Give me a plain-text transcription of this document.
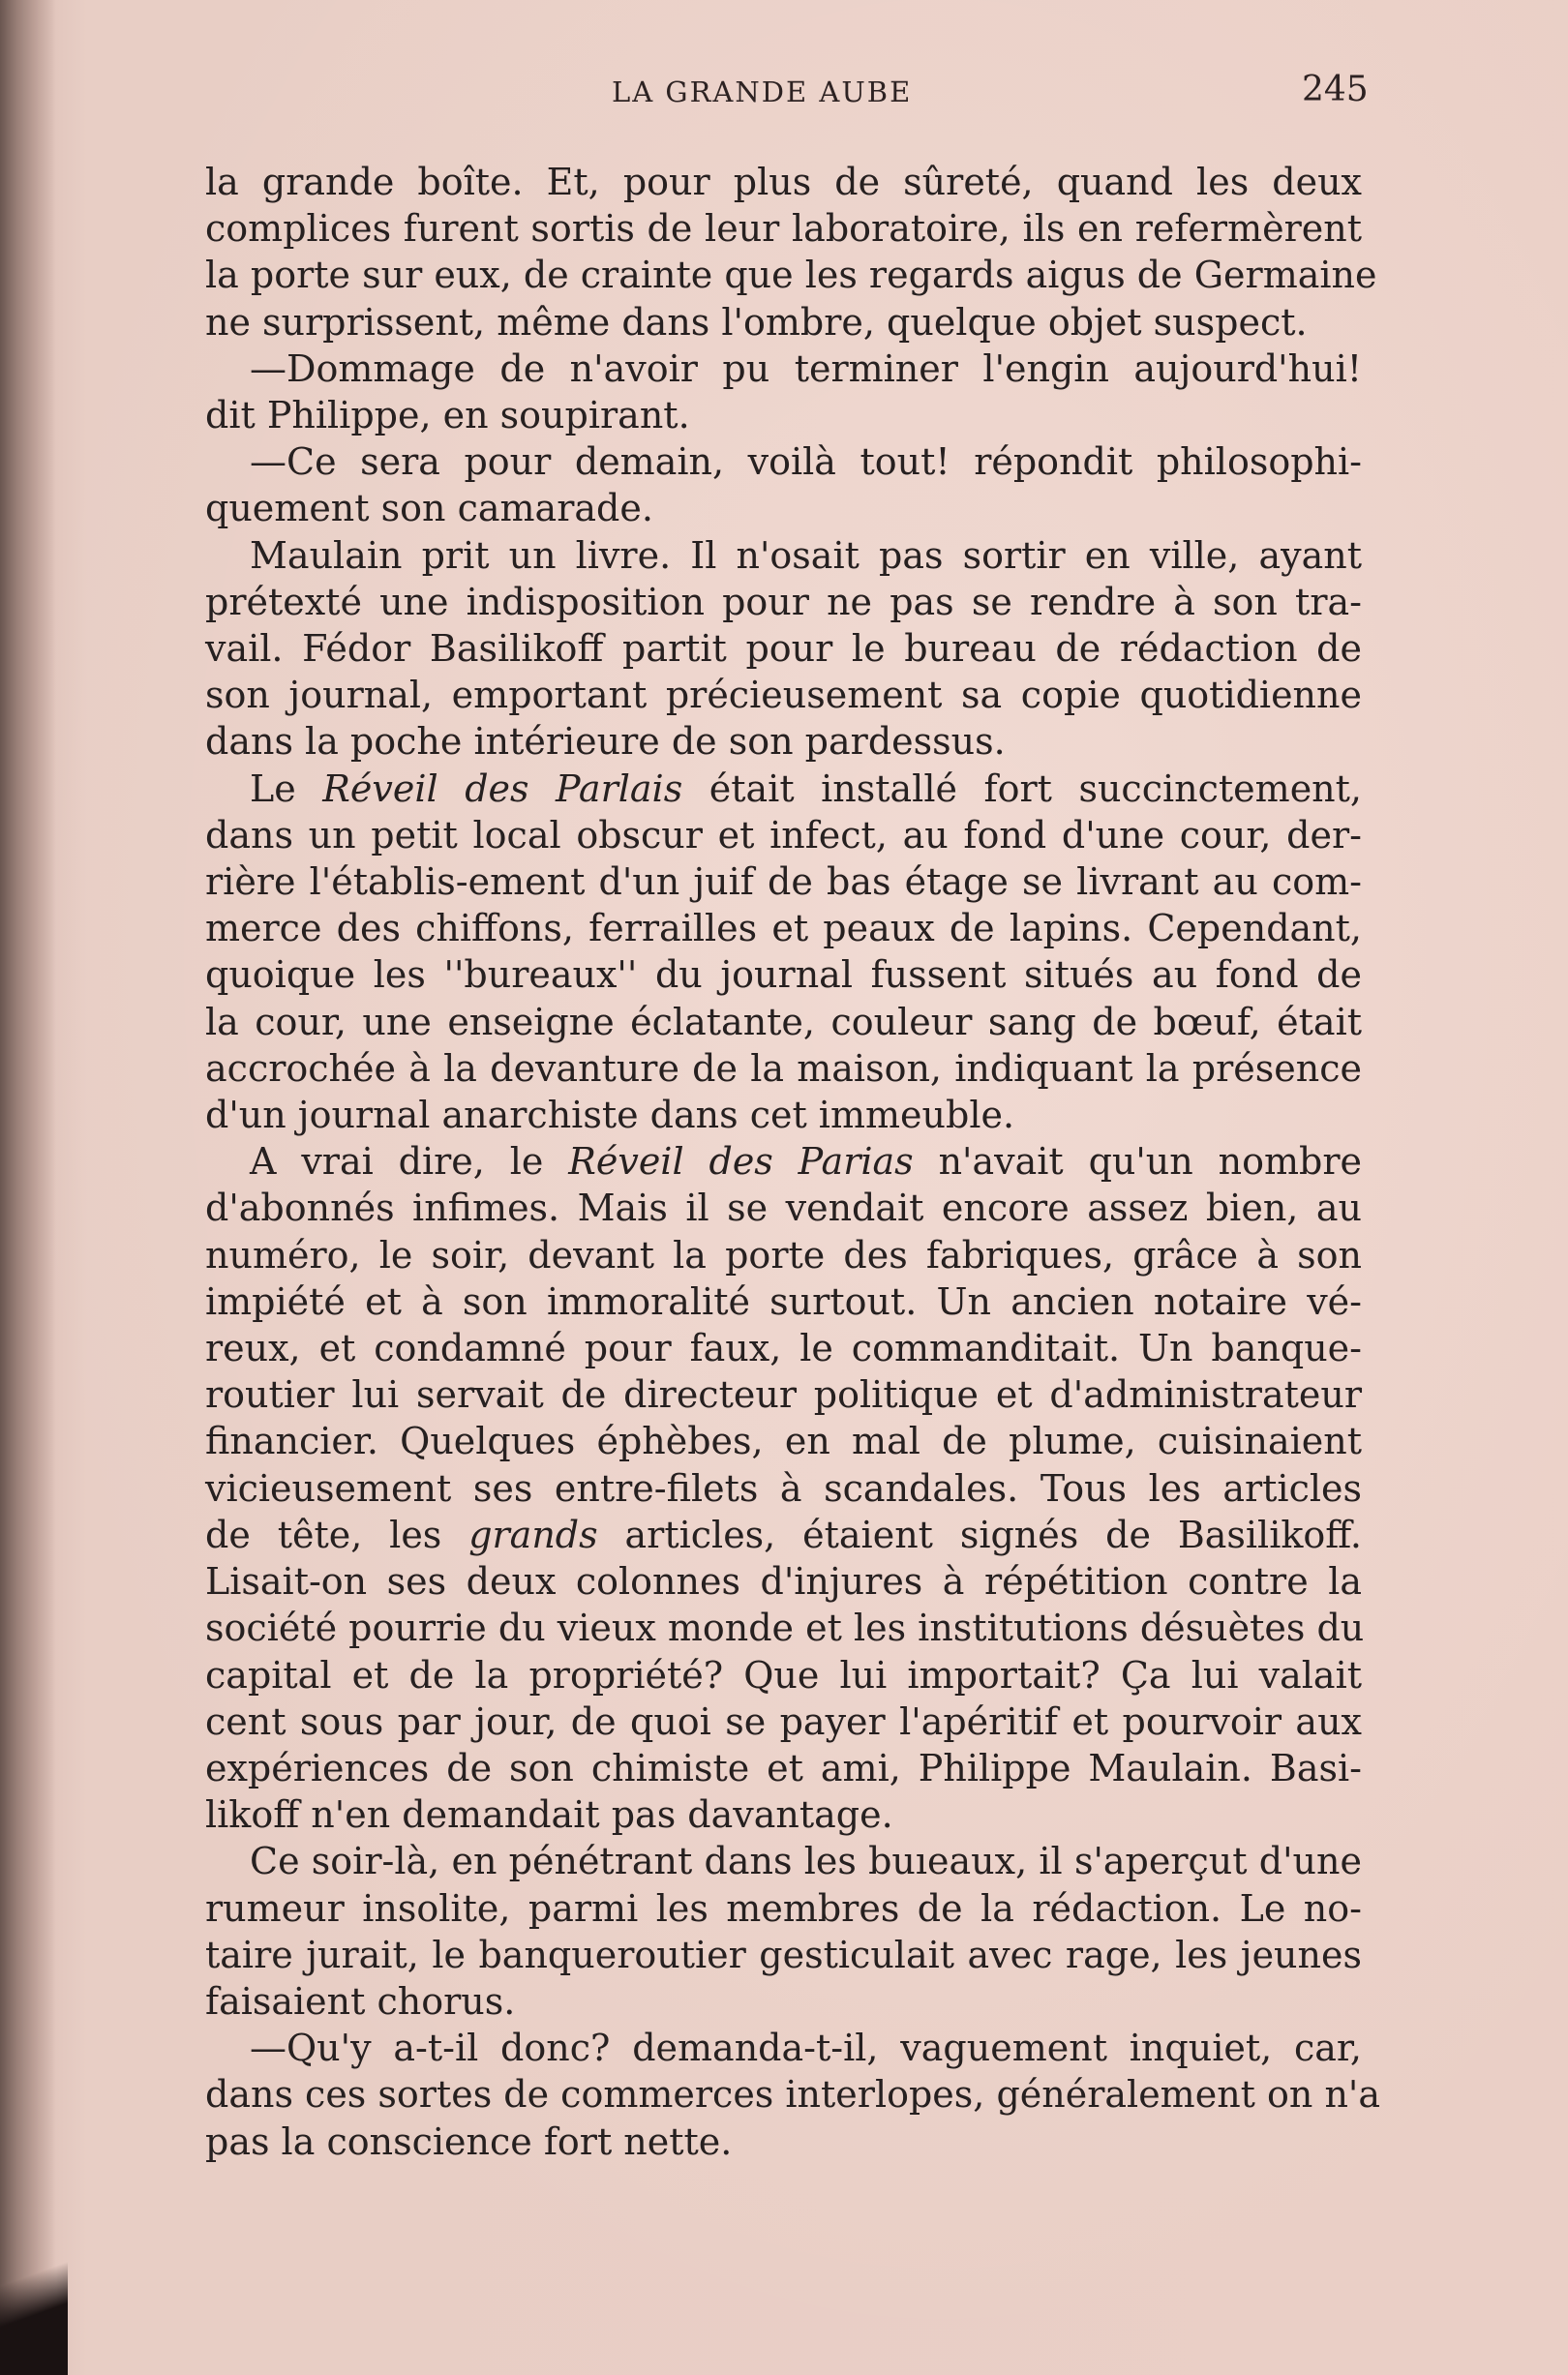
LA GRANDE AUBE	245

la grande boîte. Et, pour plus de sûreté, quand les deux
complices furent sortis de leur laboratoire, ils en refermèrent
la porte sur eux, de crainte que les regards aigus de Germaine
ne surprissent, même dans l'ombre, quelque objet suspect.

—Dommage de n'avoir pu terminer l'engin aujourd'hui!
dit Philippe, en soupirant.

—Ce sera pour demain, voilà tout! répondit philosophi-
quement son camarade.

Maulain prit un livre. Il n'osait pas sortir en ville, ayant
prétexté une indisposition pour ne pas se rendre à son tra-
vail. Fédor Basilikoff partit pour le bureau de rédaction de
son journal, emportant précieusement sa copie quotidienne
dans la poche intérieure de son pardessus.

Le Réveil des Parlais était installé fort succinctement,
dans un petit local obscur et infect, au fond d'une cour, der-
rière l'établis-ement d'un juif de bas étage se livrant au com-
merce des chiffons, ferrailles et peaux de lapins. Cependant,
quoique les ''bureaux'' du journal fussent situés au fond de
la cour, une enseigne éclatante, couleur sang de bœuf, était
accrochée à la devanture de la maison, indiquant la présence
d'un journal anarchiste dans cet immeuble.

A vrai dire, le Réveil des Parias n'avait qu'un nombre
d'abonnés infimes. Mais il se vendait encore assez bien, au
numéro, le soir, devant la porte des fabriques, grâce à son
impiété et à son immoralité surtout. Un ancien notaire vé-
reux, et condamné pour faux, le commanditait. Un banque-
routier lui servait de directeur politique et d'administrateur
financier. Quelques éphèbes, en mal de plume, cuisinaient
vicieusement ses entre-filets à scandales. Tous les articles
de tête, les grands articles, étaient signés de Basilikoff.
Lisait-on ses deux colonnes d'injures à répétition contre la
société pourrie du vieux monde et les institutions désuètes du
capital et de la propriété? Que lui importait? Ça lui valait
cent sous par jour, de quoi se payer l'apéritif et pourvoir aux
expériences de son chimiste et ami, Philippe Maulain. Basi-
likoff n'en demandait pas davantage.

Ce soir-là, en pénétrant dans les buıeaux, il s'aperçut d'une
rumeur insolite, parmi les membres de la rédaction. Le no-
taire jurait, le banqueroutier gesticulait avec rage, les jeunes
faisaient chorus.

—Qu'y a-t-il donc? demanda-t-il, vaguement inquiet, car,
dans ces sortes de commerces interlopes, généralement on n'a
pas la conscience fort nette.
